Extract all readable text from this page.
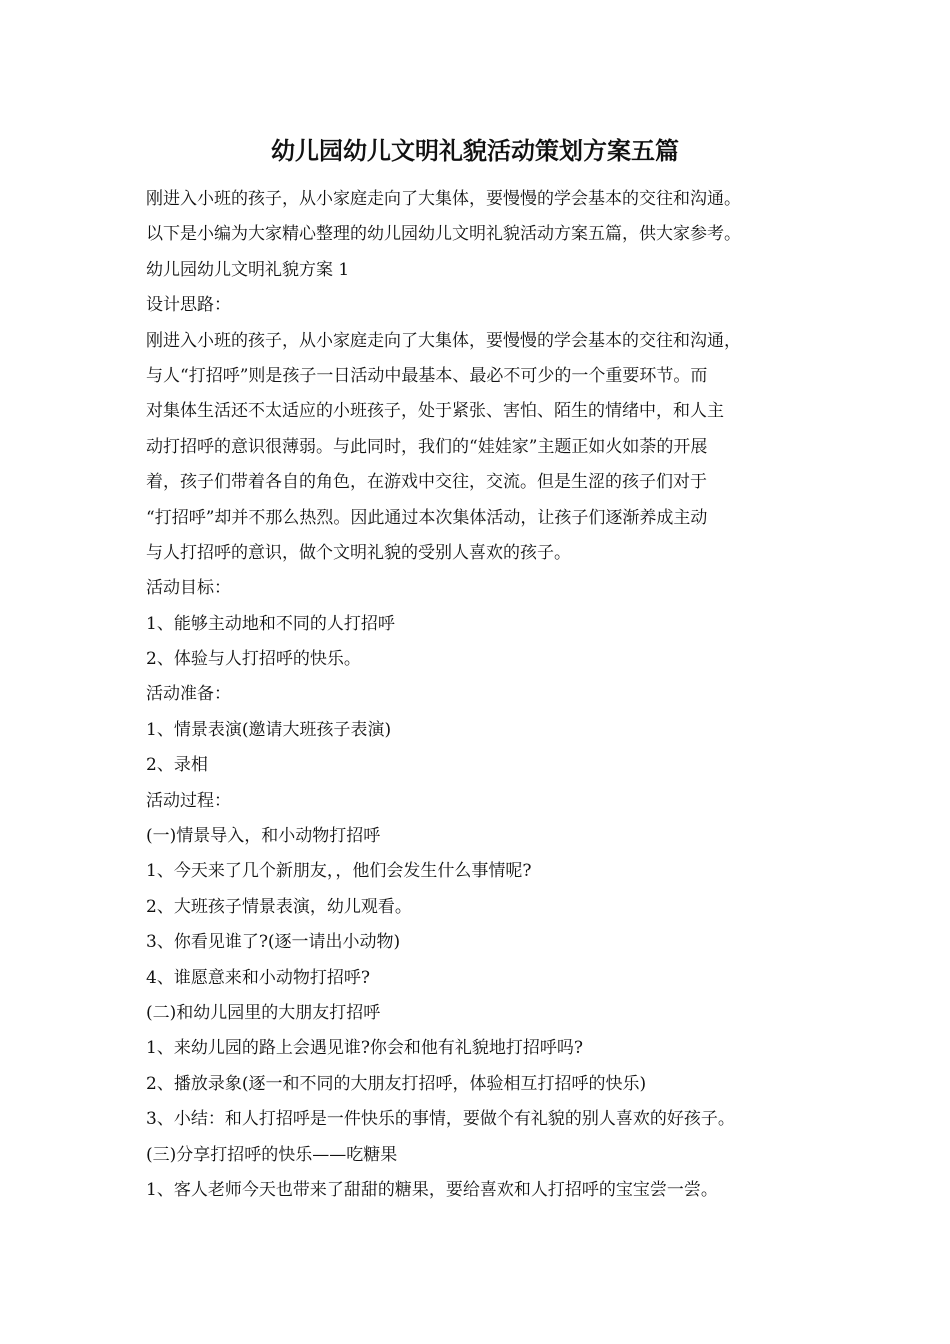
幼儿园幼儿文明礼貌活动策划方案五篇

刚进入小班的孩子，从小家庭走向了大集体，要慢慢的学会基本的交往和沟通。

以下是小编为大家精心整理的幼儿园幼儿文明礼貌活动方案五篇，供大家参考。

幼儿园幼儿文明礼貌方案 1

设计思路：

刚进入小班的孩子，从小家庭走向了大集体，要慢慢的学会基本的交往和沟通，

与人“打招呼”则是孩子一日活动中最基本、最必不可少的一个重要环节。而

对集体生活还不太适应的小班孩子，处于紧张、害怕、陌生的情绪中，和人主

动打招呼的意识很薄弱。与此同时，我们的“娃娃家”主题正如火如荼的开展

着，孩子们带着各自的角色，在游戏中交往，交流。但是生涩的孩子们对于

“打招呼”却并不那么热烈。因此通过本次集体活动，让孩子们逐渐养成主动

与人打招呼的意识，做个文明礼貌的受别人喜欢的孩子。

活动目标：

1、能够主动地和不同的人打招呼

2、体验与人打招呼的快乐。

活动准备：

1、情景表演(邀请大班孩子表演)

2、录相

活动过程：

(一)情景导入，和小动物打招呼

1、今天来了几个新朋友，，他们会发生什么事情呢?

2、大班孩子情景表演，幼儿观看。

3、你看见谁了?(逐一请出小动物)

4、谁愿意来和小动物打招呼?

(二)和幼儿园里的大朋友打招呼

1、来幼儿园的路上会遇见谁?你会和他有礼貌地打招呼吗?

2、播放录象(逐一和不同的大朋友打招呼，体验相互打招呼的快乐)

3、小结：和人打招呼是一件快乐的事情，要做个有礼貌的别人喜欢的好孩子。

(三)分享打招呼的快乐——吃糖果

1、客人老师今天也带来了甜甜的糖果，要给喜欢和人打招呼的宝宝尝一尝。
